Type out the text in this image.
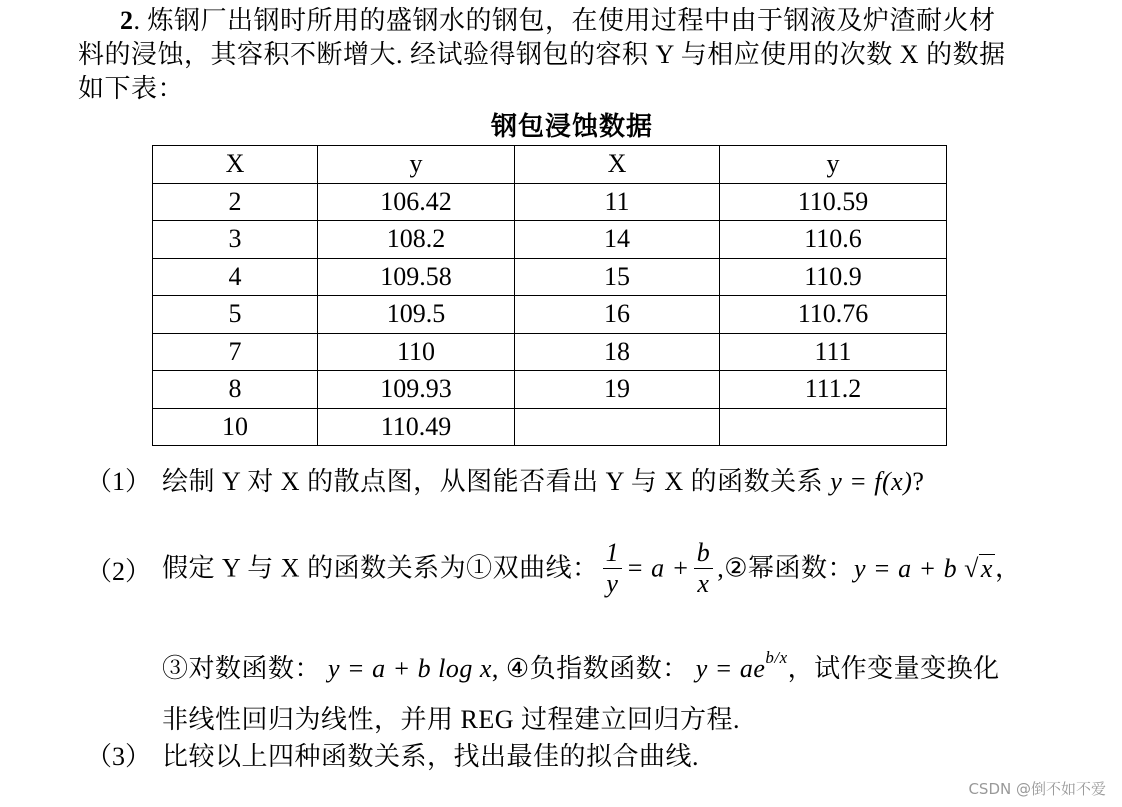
2. 炼钢厂出钢时所用的盛钢水的钢包，在使用过程中由于钢液及炉渣耐火材
料的浸蚀，其容积不断增大. 经试验得钢包的容积 Y 与相应使用的次数 X 的数据
如下表：
钢包浸蚀数据
X	y	X	y
2	106.42	11	110.59
3	108.2	14	110.6
4	109.58	15	110.9
5	109.5	16	110.76
7	110	18	111
8	109.93	19	111.2
10	110.49		
（1） 绘制 Y 对 X 的散点图，从图能否看出 Y 与 X 的函数关系 y = f(x)?
（2） 假定 Y 与 X 的函数关系为①双曲线： $\frac{1}{y} = a + \frac{b}{x}$ ,②幂函数：y = a + b √x，
③对数函数： y = a + b log x, ④负指数函数： $y = ae^{b/x}$，试作变量变换化
非线性回归为线性，并用 REG 过程建立回归方程.
（3） 比较以上四种函数关系，找出最佳的拟合曲线.
CSDN @倒不如不爱
